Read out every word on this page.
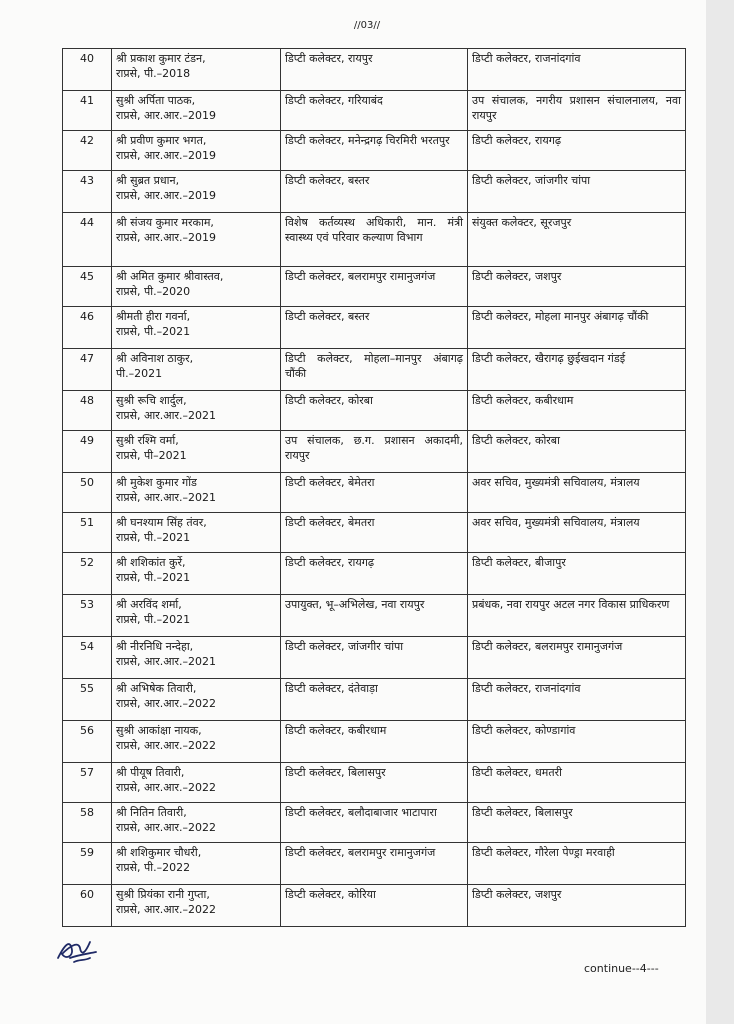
//03//
40	श्री प्रकाश कुमार टंडन,
राप्रसे, पी.–2018	डिप्टी कलेक्टर, रायपुर	डिप्टी कलेक्टर, राजनांदगांव
41	सुश्री अर्पिता पाठक,
राप्रसे, आर.आर.–2019	डिप्टी कलेक्टर, गरियाबंद	उप संचालक, नगरीय प्रशासन संचालनालय, नवा रायपुर
42	श्री प्रवीण कुमार भगत,
राप्रसे, आर.आर.–2019	डिप्टी कलेक्टर, मनेन्द्रगढ़ चिरमिरी भरतपुर	डिप्टी कलेक्टर, रायगढ़
43	श्री सुब्रत प्रधान,
राप्रसे, आर.आर.–2019	डिप्टी कलेक्टर, बस्तर	डिप्टी कलेक्टर, जांजगीर चांपा
44	श्री संजय कुमार मरकाम,
राप्रसे, आर.आर.–2019	विशेष कर्तव्यस्थ अधिकारी, मान. मंत्री स्वास्थ्य एवं परिवार कल्याण विभाग	संयुक्त कलेक्टर, सूरजपुर
45	श्री अमित कुमार श्रीवास्तव,
राप्रसे, पी.–2020	डिप्टी कलेक्टर, बलरामपुर रामानुजगंज	डिप्टी कलेक्टर, जशपुर
46	श्रीमती हीरा गवर्ना,
राप्रसे, पी.–2021	डिप्टी कलेक्टर, बस्तर	डिप्टी कलेक्टर, मोहला मानपुर अंबागढ़ चौंकी
47	श्री अविनाश ठाकुर,
पी.–2021	डिप्टी कलेक्टर, मोहला–मानपुर अंबागढ़ चौंकी	डिप्टी कलेक्टर, खैरागढ़ छुईखदान गंडई
48	सुश्री रूचि शार्दुल,
राप्रसे, आर.आर.–2021	डिप्टी कलेक्टर, कोरबा	डिप्टी कलेक्टर, कबीरधाम
49	सुश्री रश्मि वर्मा,
राप्रसे, पी–2021	उप संचालक, छ.ग. प्रशासन अकादमी, रायपुर	डिप्टी कलेक्टर, कोरबा
50	श्री मुकेश कुमार गोंड
राप्रसे, आर.आर.–2021	डिप्टी कलेक्टर, बेमेतरा	अवर सचिव, मुख्यमंत्री सचिवालय, मंत्रालय
51	श्री घनश्याम सिंह तंवर,
राप्रसे, पी.–2021	डिप्टी कलेक्टर, बेमतरा	अवर सचिव, मुख्यमंत्री सचिवालय, मंत्रालय
52	श्री शशिकांत कुर्रे,
राप्रसे, पी.–2021	डिप्टी कलेक्टर, रायगढ़	डिप्टी कलेक्टर, बीजापुर
53	श्री अरविंद शर्मा,
राप्रसे, पी.–2021	उपायुक्त, भू–अभिलेख, नवा रायपुर	प्रबंधक, नवा रायपुर अटल नगर विकास प्राधिकरण
54	श्री नीरनिधि नन्देहा,
राप्रसे, आर.आर.–2021	डिप्टी कलेक्टर, जांजगीर चांपा	डिप्टी कलेक्टर, बलरामपुर रामानुजगंज
55	श्री अभिषेक तिवारी,
राप्रसे, आर.आर.–2022	डिप्टी कलेक्टर, दंतेवाड़ा	डिप्टी कलेक्टर, राजनांदगांव
56	सुश्री आकांक्षा नायक,
राप्रसे, आर.आर.–2022	डिप्टी कलेक्टर, कबीरधाम	डिप्टी कलेक्टर, कोण्डागांव
57	श्री पीयूष तिवारी,
राप्रसे, आर.आर.–2022	डिप्टी कलेक्टर, बिलासपुर	डिप्टी कलेक्टर, धमतरी
58	श्री नितिन तिवारी,
राप्रसे, आर.आर.–2022	डिप्टी कलेक्टर, बलौदाबाजार भाटापारा	डिप्टी कलेक्टर, बिलासपुर
59	श्री शशिकुमार चौधरी,
राप्रसे, पी.–2022	डिप्टी कलेक्टर, बलरामपुर रामानुजगंज	डिप्टी कलेक्टर, गौरेला पेण्ड्रा मरवाही
60	सुश्री प्रियंका रानी गुप्ता,
राप्रसे, आर.आर.–2022	डिप्टी कलेक्टर, कोरिया	डिप्टी कलेक्टर, जशपुर
continue--4---
